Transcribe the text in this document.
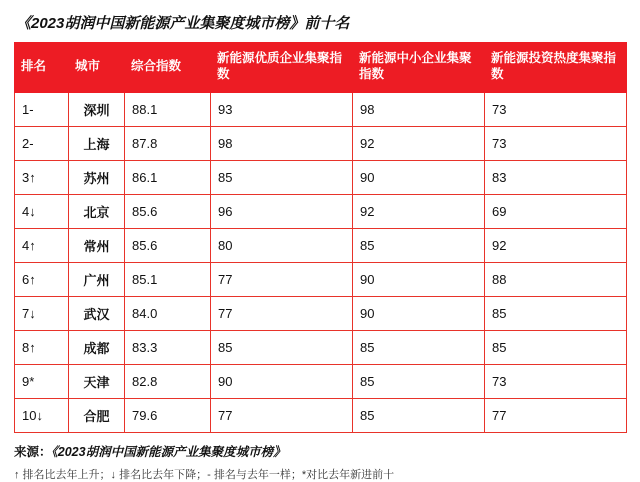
《2023胡润中国新能源产业集聚度城市榜》前十名
排名	城市	综合指数	新能源优质企业集聚指数	新能源中小企业集聚指数	新能源投资热度集聚指数
1-	深圳	88.1	93	98	73
2-	上海	87.8	98	92	73
3↑	苏州	86.1	85	90	83
4↓	北京	85.6	96	92	69
4↑	常州	85.6	80	85	92
6↑	广州	85.1	77	90	88
7↓	武汉	84.0	77	90	85
8↑	成都	83.3	85	85	85
9*	天津	82.8	90	85	73
10↓	合肥	79.6	77	85	77
来源：《2023胡润中国新能源产业集聚度城市榜》
↑ 排名比去年上升；↓ 排名比去年下降；- 排名与去年一样；*对比去年新进前十
